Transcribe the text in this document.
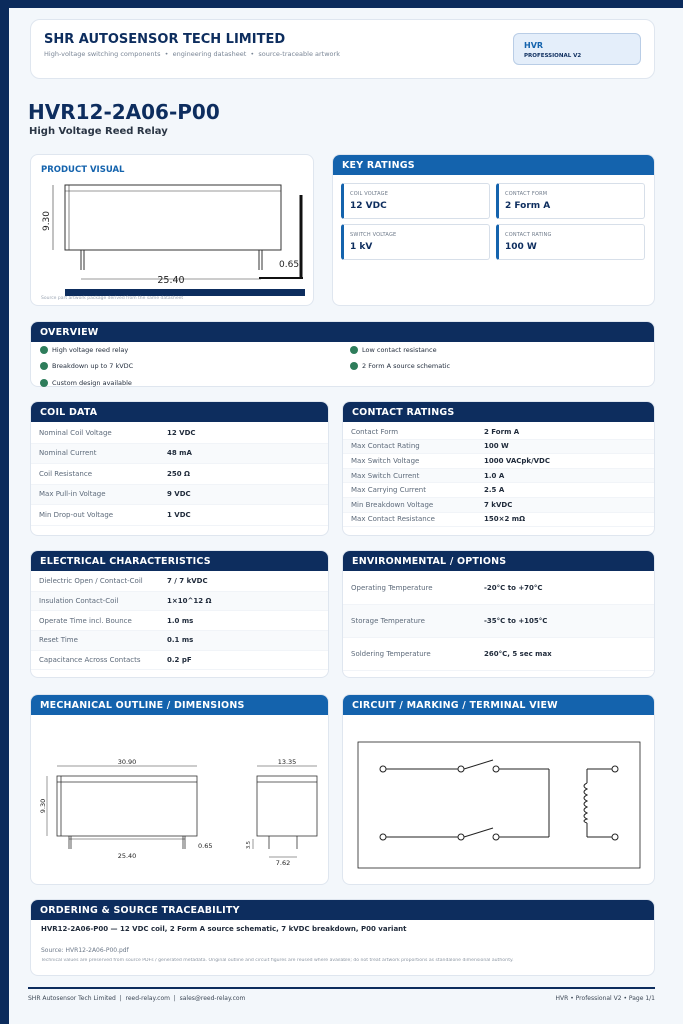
SHR AUTOSENSOR TECH LIMITED
High-voltage switching components  •  engineering datasheet  •  source-traceable artwork
HVR
PROFESSIONAL V2
HVR12-2A06-P00
High Voltage Reed Relay
PRODUCT VISUAL
9.30
25.40
0.65
Source part artwork package derived from the same datasheet
KEY RATINGS
COIL VOLTAGE
12 VDC
CONTACT FORM
2 Form A
SWITCH VOLTAGE
1 kV
CONTACT RATING
100 W
OVERVIEW
High voltage reed relay	Low contact resistance
Breakdown up to 7 kVDC	2 Form A source schematic
Custom design available
COIL DATA
Nominal Coil Voltage	12 VDC
Nominal Current	48 mA
Coil Resistance	250 Ω
Max Pull-in Voltage	9 VDC
Min Drop-out Voltage	1 VDC
CONTACT RATINGS
Contact Form	2 Form A
Max Contact Rating	100 W
Max Switch Voltage	1000 VACpk/VDC
Max Switch Current	1.0 A
Max Carrying Current	2.5 A
Min Breakdown Voltage	7 kVDC
Max Contact Resistance	150×2 mΩ
ELECTRICAL CHARACTERISTICS
Dielectric Open / Contact-Coil	7 / 7 kVDC
Insulation Contact-Coil	1×10^12 Ω
Operate Time incl. Bounce	1.0 ms
Reset Time	0.1 ms
Capacitance Across Contacts	0.2 pF
ENVIRONMENTAL / OPTIONS
Operating Temperature	-20°C to +70°C
Storage Temperature	-35°C to +105°C
Soldering Temperature	260°C, 5 sec max
MECHANICAL OUTLINE / DIMENSIONS
30.90
9.30
25.40
0.65
13.35
3.5
7.62
CIRCUIT / MARKING / TERMINAL VIEW
ORDERING & SOURCE TRACEABILITY
HVR12-2A06-P00 — 12 VDC coil, 2 Form A source schematic, 7 kVDC breakdown, P00 variant
Source: HVR12-2A06-P00.pdf
Technical values are preserved from source PDFs / generated metadata. Original outline and circuit figures are reused where available; do not treat artwork proportions as standalone dimensional authority.
SHR Autosensor Tech Limited  |  reed-relay.com  |  sales@reed-relay.com	HVR • Professional V2 • Page 1/1
